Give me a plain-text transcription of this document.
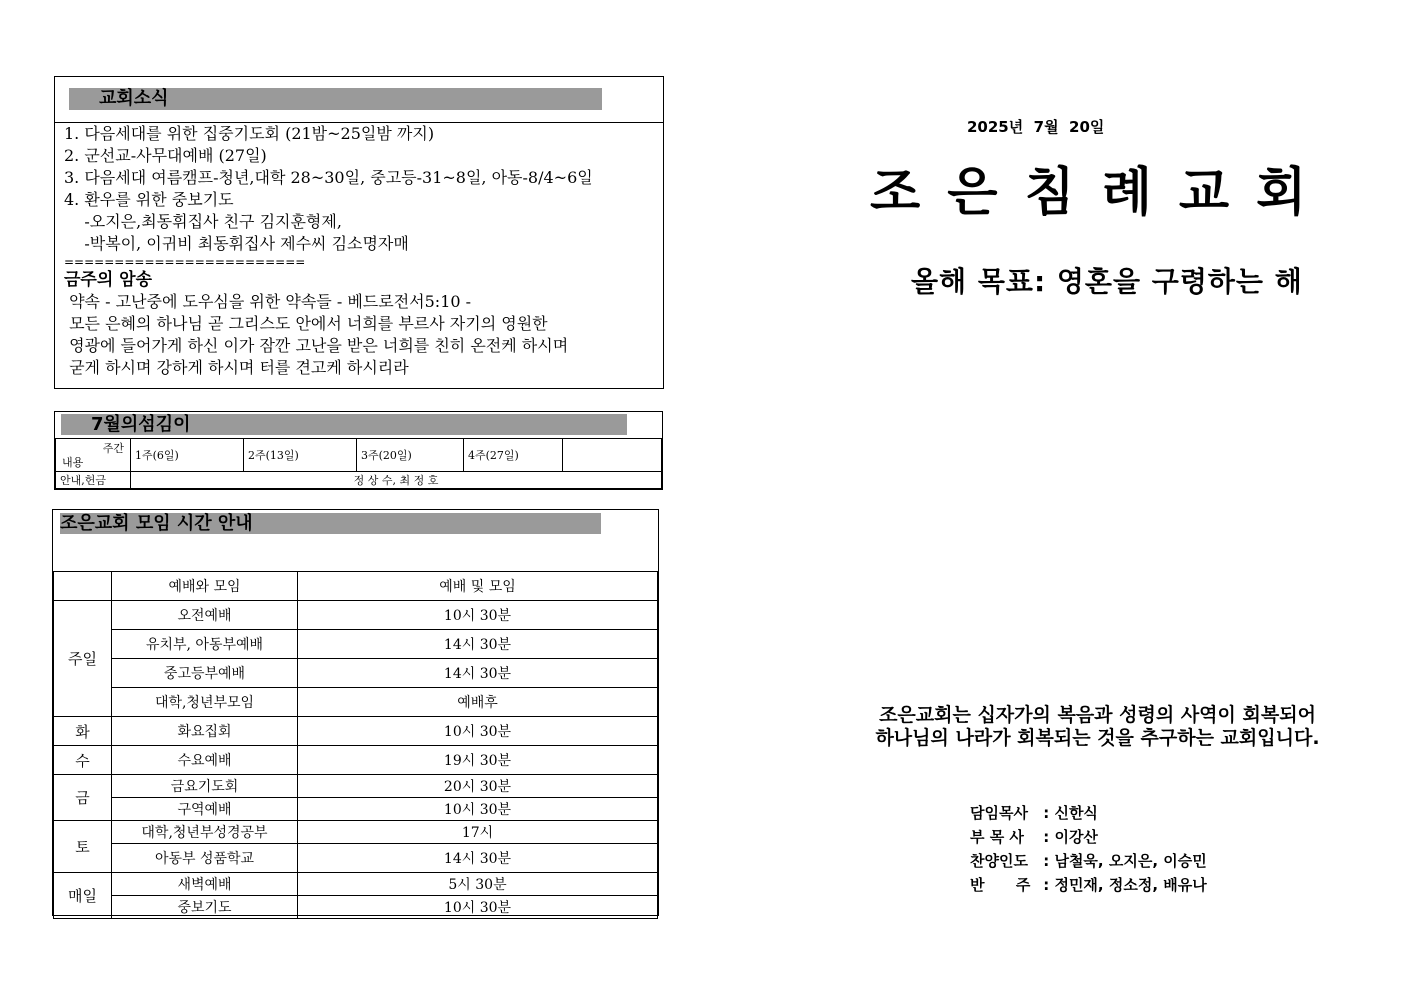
교회소식
1. 다음세대를 위한 집중기도회 (21밤~25일밤 까지)
2. 군선교-사무대예배 (27일)
3. 다음세대 여름캠프-청년,대학 28~30일, 중고등-31~8일, 아동-8/4~6일
4. 환우를 위한 중보기도
-오지은,최동휘집사 친구 김지훈형제,
-박복이, 이귀비 최동휘집사 제수씨 김소명자매
========================
금주의 암송
약속 - 고난중에 도우심을 위한 약속들 - 베드로전서5:10 -
모든 은혜의 하나님 곧 그리스도 안에서 너희를 부르사 자기의 영원한
영광에 들어가게 하신 이가 잠깐 고난을 받은 너희를 친히 온전케 하시며
굳게 하시며 강하게 하시며 터를 견고케 하시리라
7월의섬김이
주간
내용	1주(6일)	2주(13일)	3주(20일)	4주(27일)	
안내,헌금	정 상 수, 최 정 호				
조은교회 모임 시간 안내
	예배와 모임	예배 및 모임
주일	오전예배	10시 30분
	유치부, 아동부예배	14시 30분
	중고등부예배	14시 30분
	대학,청년부모임	예배후
화	화요집회	10시 30분
수	수요예배	19시 30분
금	금요기도회	20시 30분
	구역예배	10시 30분
토	대학,청년부성경공부	17시
	아동부 성품학교	14시 30분
매일	새벽예배	5시 30분
	중보기도	10시 30분
2025년  7월  20일
조은침례교회
올해 목표: 영혼을 구령하는 해
조은교회는 십자가의 복음과 성령의 사역이 회복되어
하나님의 나라가 회복되는 것을 추구하는 교회입니다.
담임목사 : 신한식
부 목 사 : 이강산
찬양인도 : 남철욱, 오지은, 이승민
반      주 : 정민재, 정소정, 배유나
